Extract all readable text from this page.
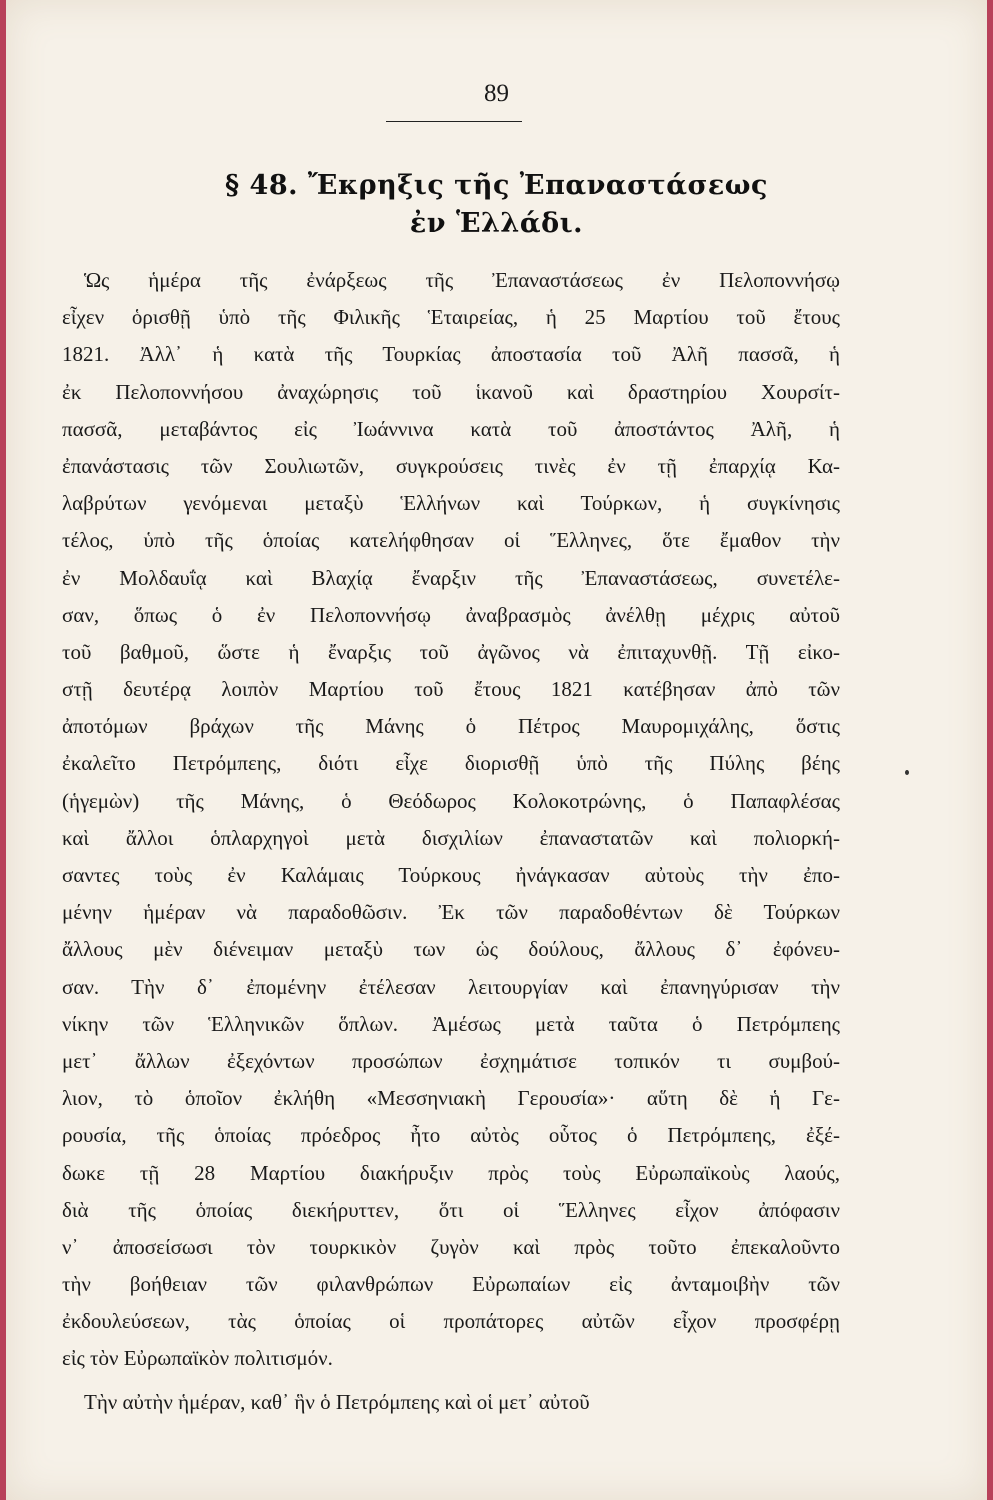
89
§ 48. Ἔκρηξις τῆς Ἐπαναστάσεως
ἐν Ἑλλάδι.
Ὡς ἡμέρα τῆς ἐνάρξεως τῆς Ἐπαναστάσεως ἐν Πελοποννήσῳ
εἶχεν ὁρισθῇ ὑπὸ τῆς Φιλικῆς Ἑταιρείας, ἡ 25 Μαρτίου τοῦ ἔτους
1821. Ἀλλ᾽ ἡ κατὰ τῆς Τουρκίας ἀποστασία τοῦ Ἀλῆ πασσᾶ, ἡ
ἐκ Πελοποννήσου ἀναχώρησις τοῦ ἱκανοῦ καὶ δραστηρίου Χουρσίτ-
πασσᾶ, μεταβάντος εἰς Ἰωάννινα κατὰ τοῦ ἀποστάντος Ἀλῆ, ἡ
ἐπανάστασις τῶν Σουλιωτῶν, συγκρούσεις τινὲς ἐν τῇ ἐπαρχίᾳ Κα-
λαβρύτων γενόμεναι μεταξὺ Ἑλλήνων καὶ Τούρκων, ἡ συγκίνησις
τέλος, ὑπὸ τῆς ὁποίας κατελήφθησαν οἱ Ἕλληνες, ὅτε ἔμαθον τὴν
ἐν Μολδαυΐᾳ καὶ Βλαχίᾳ ἔναρξιν τῆς Ἐπαναστάσεως, συνετέλε-
σαν, ὅπως ὁ ἐν Πελοποννήσῳ ἀναβρασμὸς ἀνέλθῃ μέχρις αὐτοῦ
τοῦ βαθμοῦ, ὥστε ἡ ἔναρξις τοῦ ἀγῶνος νὰ ἐπιταχυνθῇ. Τῇ εἰκο-
στῇ δευτέρᾳ λοιπὸν Μαρτίου τοῦ ἔτους 1821 κατέβησαν ἀπὸ τῶν
ἀποτόμων βράχων τῆς Μάνης ὁ Πέτρος Μαυρομιχάλης, ὅστις
ἐκαλεῖτο Πετρόμπεης, διότι εἶχε διορισθῇ ὑπὸ τῆς Πύλης βέης
(ἡγεμὼν) τῆς Μάνης, ὁ Θεόδωρος Κολοκοτρώνης, ὁ Παπαφλέσας
καὶ ἄλλοι ὁπλαρχηγοὶ μετὰ δισχιλίων ἐπαναστατῶν καὶ πολιορκή-
σαντες τοὺς ἐν Καλάμαις Τούρκους ἠνάγκασαν αὐτοὺς τὴν ἐπο-
μένην ἡμέραν νὰ παραδοθῶσιν. Ἐκ τῶν παραδοθέντων δὲ Τούρκων
ἄλλους μὲν διένειμαν μεταξὺ των ὡς δούλους, ἄλλους δ᾽ ἐφόνευ-
σαν. Τὴν δ᾽ ἐπομένην ἐτέλεσαν λειτουργίαν καὶ ἐπανηγύρισαν τὴν
νίκην τῶν Ἑλληνικῶν ὅπλων. Ἀμέσως μετὰ ταῦτα ὁ Πετρόμπεης
μετ᾽ ἄλλων ἐξεχόντων προσώπων ἐσχημάτισε τοπικόν τι συμβού-
λιον, τὸ ὁποῖον ἐκλήθη «Μεσσηνιακὴ Γερουσία»· αὕτη δὲ ἡ Γε-
ρουσία, τῆς ὁποίας πρόεδρος ἦτο αὐτὸς οὗτος ὁ Πετρόμπεης, ἐξέ-
δωκε τῇ 28 Μαρτίου διακήρυξιν πρὸς τοὺς Εὐρωπαϊκοὺς λαούς,
διὰ τῆς ὁποίας διεκήρυττεν, ὅτι οἱ Ἕλληνες εἶχον ἀπόφασιν
ν᾽ ἀποσείσωσι τὸν τουρκικὸν ζυγὸν καὶ πρὸς τοῦτο ἐπεκαλοῦντο
τὴν βοήθειαν τῶν φιλανθρώπων Εὐρωπαίων εἰς ἀνταμοιβὴν τῶν
ἐκδουλεύσεων, τὰς ὁποίας οἱ προπάτορες αὐτῶν εἶχον προσφέρῃ
εἰς τὸν Εὐρωπαϊκὸν πολιτισμόν.
Τὴν αὐτὴν ἡμέραν, καθ᾽ ἣν ὁ Πετρόμπεης καὶ οἱ μετ᾽ αὐτοῦ
